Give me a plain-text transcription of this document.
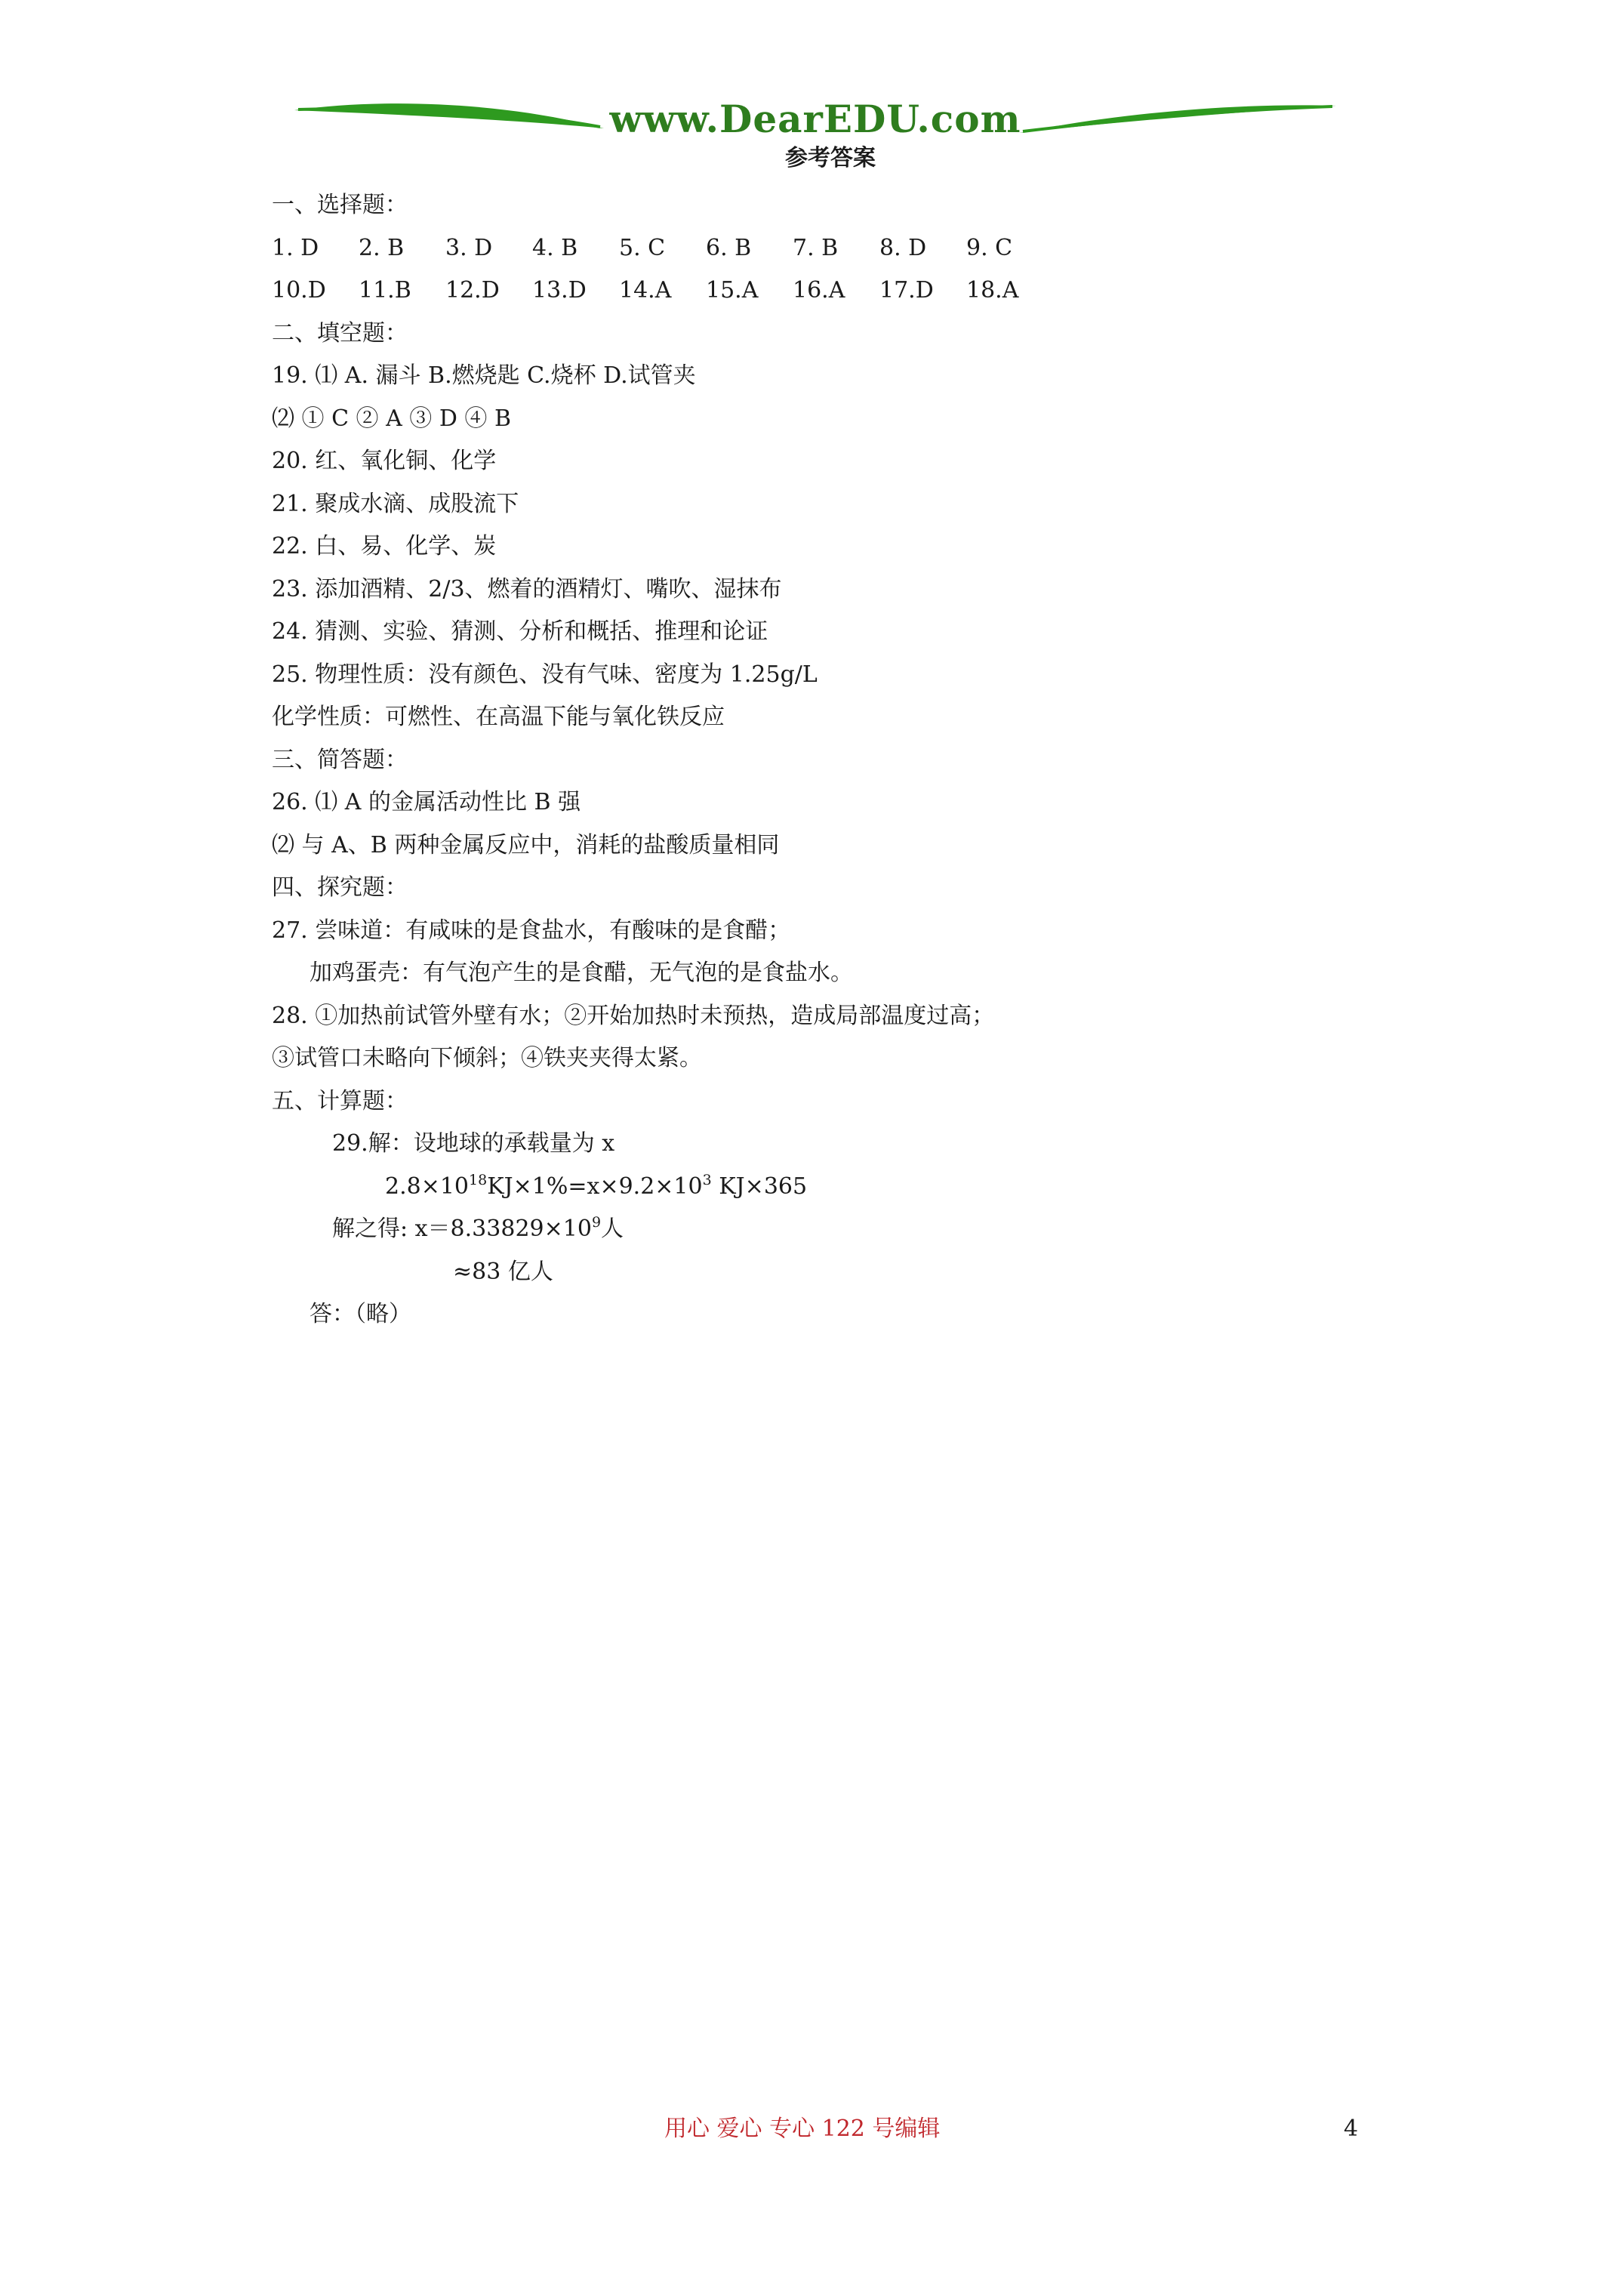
www.DearEDU.com
参考答案
一、选择题：
1. D	2. B	3. D	4. B	5. C	6. B	7. B	8. D	9. C
10.D	11.B	12.D	13.D	14.A	15.A	16.A	17.D	18.A
二、填空题：
19. ⑴ A. 漏斗 B.燃烧匙 C.烧杯 D.试管夹
⑵ ① C ② A ③ D ④ B
20. 红、氧化铜、化学
21. 聚成水滴、成股流下
22. 白、易、化学、炭
23. 添加酒精、2/3、燃着的酒精灯、嘴吹、湿抹布
24. 猜测、实验、猜测、分析和概括、推理和论证
25. 物理性质：没有颜色、没有气味、密度为 1.25g/L
化学性质：可燃性、在高温下能与氧化铁反应
三、简答题：
26. ⑴ A 的金属活动性比 B 强
⑵ 与 A、B 两种金属反应中，消耗的盐酸质量相同
四、探究题：
27. 尝味道：有咸味的是食盐水，有酸味的是食醋；
加鸡蛋壳：有气泡产生的是食醋，无气泡的是食盐水。
28. ①加热前试管外壁有水；②开始加热时未预热，造成局部温度过高；
③试管口未略向下倾斜；④铁夹夹得太紧。
五、计算题：
29.解：设地球的承载量为 x
$2.8\times 10^{18}KJ\times 1\%=x\times 9.2\times 10^3$ KJ×365
解之得: $x=8.33829\times 10^9$人
≈83 亿人
答：（略）
用心 爱心 专心 122 号编辑	4
